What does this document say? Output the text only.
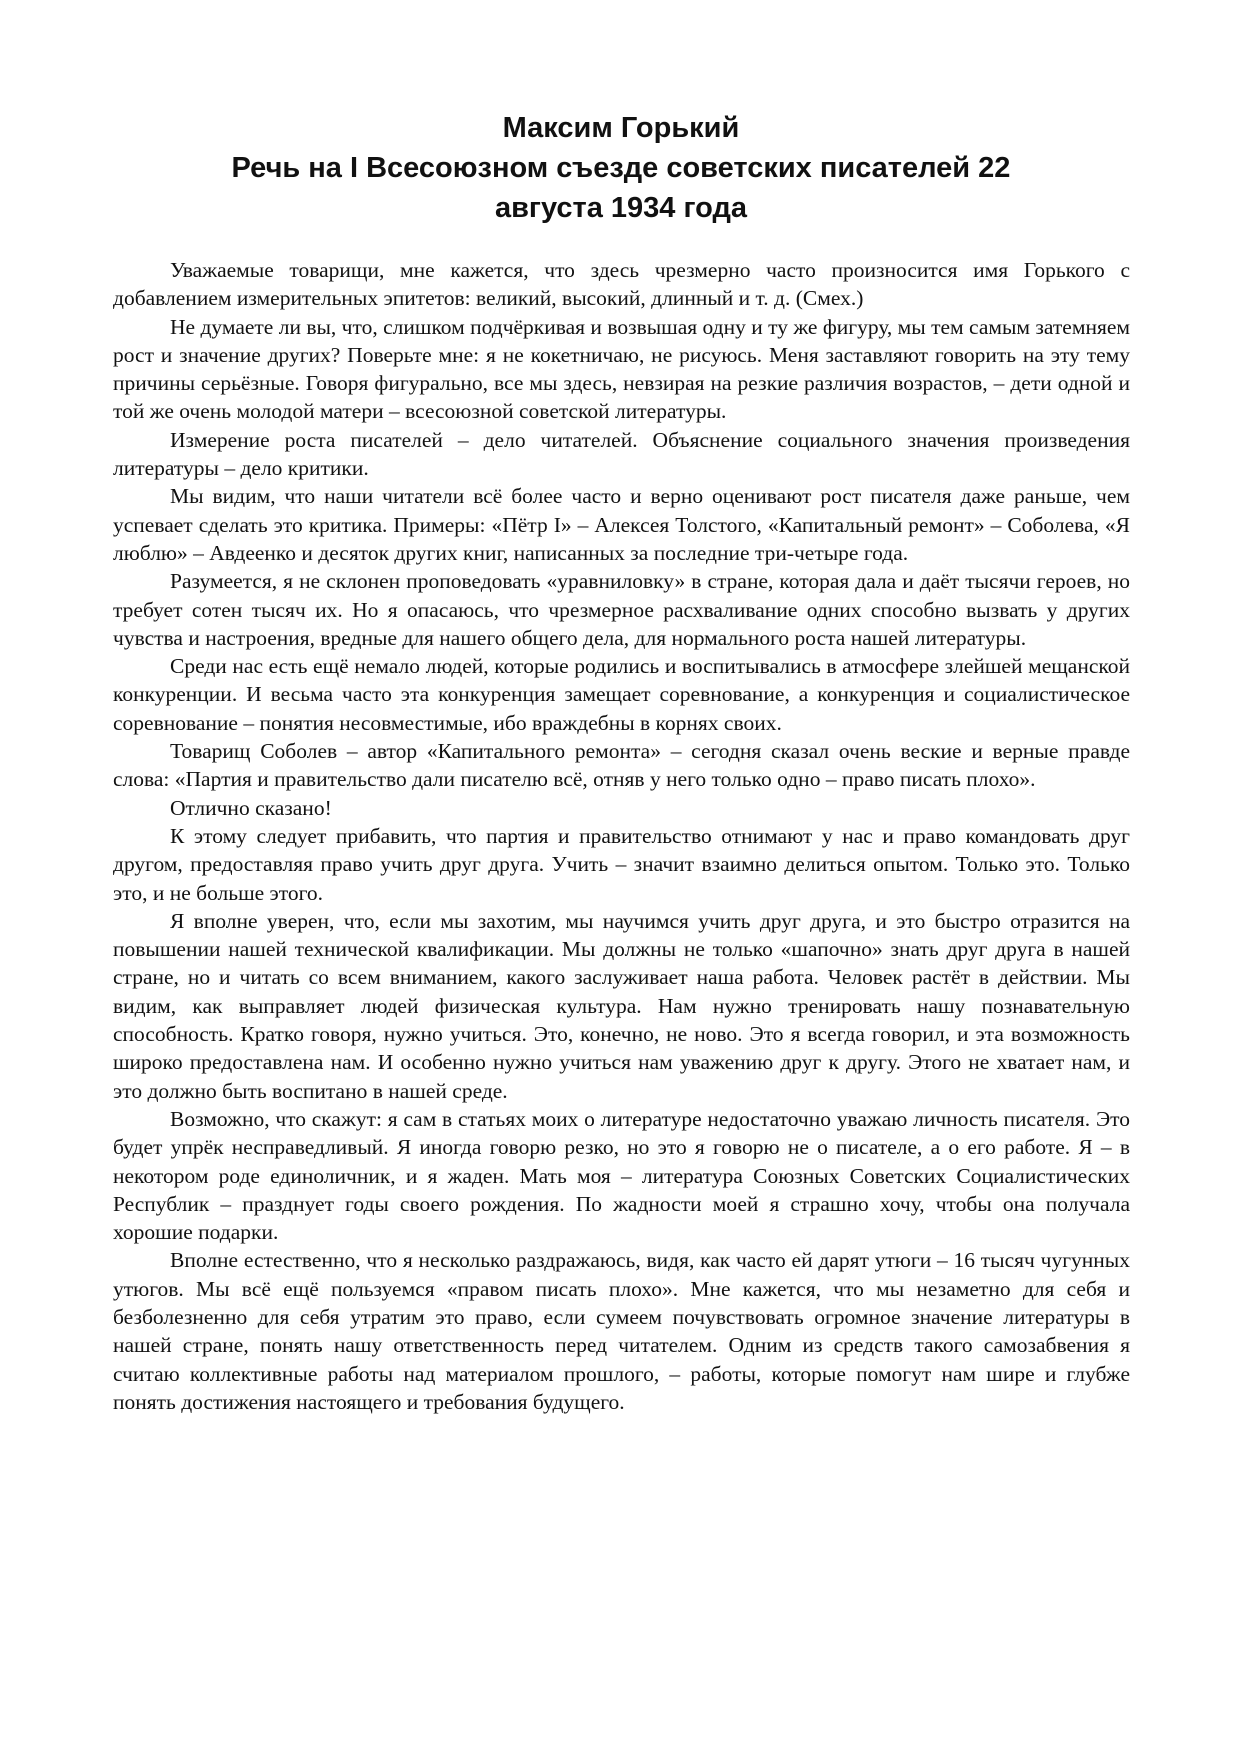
Максим Горький
Речь на I Всесоюзном съезде советских писателей 22
августа 1934 года

Уважаемые товарищи, мне кажется, что здесь чрезмерно часто произносится имя Горького с добавлением измерительных эпитетов: великий, высокий, длинный и т. д. (Смех.)

Не думаете ли вы, что, слишком подчёркивая и возвышая одну и ту же фигуру, мы тем самым затемняем рост и значение других? Поверьте мне: я не кокетничаю, не рисуюсь. Меня заставляют говорить на эту тему причины серьёзные. Говоря фигурально, все мы здесь, невзирая на резкие различия возрастов, – дети одной и той же очень молодой матери – всесоюзной советской литературы.

Измерение роста писателей – дело читателей. Объяснение социального значения произведения литературы – дело критики.

Мы видим, что наши читатели всё более часто и верно оценивают рост писателя даже раньше, чем успевает сделать это критика. Примеры: «Пётр I» – Алексея Толстого, «Капитальный ремонт» – Соболева, «Я люблю» – Авдеенко и десяток других книг, написанных за последние три-четыре года.

Разумеется, я не склонен проповедовать «уравниловку» в стране, которая дала и даёт тысячи героев, но требует сотен тысяч их. Но я опасаюсь, что чрезмерное расхваливание одних способно вызвать у других чувства и настроения, вредные для нашего общего дела, для нормального роста нашей литературы.

Среди нас есть ещё немало людей, которые родились и воспитывались в атмосфере злейшей мещанской конкуренции. И весьма часто эта конкуренция замещает соревнование, а конкуренция и социалистическое соревнование – понятия несовместимые, ибо враждебны в корнях своих.

Товарищ Соболев – автор «Капитального ремонта» – сегодня сказал очень веские и верные правде слова: «Партия и правительство дали писателю всё, отняв у него только одно – право писать плохо».

Отлично сказано!

К этому следует прибавить, что партия и правительство отнимают у нас и право командовать друг другом, предоставляя право учить друг друга. Учить – значит взаимно делиться опытом. Только это. Только это, и не больше этого.

Я вполне уверен, что, если мы захотим, мы научимся учить друг друга, и это быстро отразится на повышении нашей технической квалификации. Мы должны не только «шапочно» знать друг друга в нашей стране, но и читать со всем вниманием, какого заслуживает наша работа. Человек растёт в действии. Мы видим, как выправляет людей физическая культура. Нам нужно тренировать нашу познавательную способность. Кратко говоря, нужно учиться. Это, конечно, не ново. Это я всегда говорил, и эта возможность широко предоставлена нам. И особенно нужно учиться нам уважению друг к другу. Этого не хватает нам, и это должно быть воспитано в нашей среде.

Возможно, что скажут: я сам в статьях моих о литературе недостаточно уважаю личность писателя. Это будет упрёк несправедливый. Я иногда говорю резко, но это я говорю не о писателе, а о его работе. Я – в некотором роде единоличник, и я жаден. Мать моя – литература Союзных Советских Социалистических Республик – празднует годы своего рождения. По жадности моей я страшно хочу, чтобы она получала хорошие подарки.

Вполне естественно, что я несколько раздражаюсь, видя, как часто ей дарят утюги – 16 тысяч чугунных утюгов. Мы всё ещё пользуемся «правом писать плохо». Мне кажется, что мы незаметно для себя и безболезненно для себя утратим это право, если сумеем почувствовать огромное значение литературы в нашей стране, понять нашу ответственность перед читателем. Одним из средств такого самозабвения я считаю коллективные работы над материалом прошлого, – работы, которые помогут нам шире и глубже понять достижения настоящего и требования будущего.
